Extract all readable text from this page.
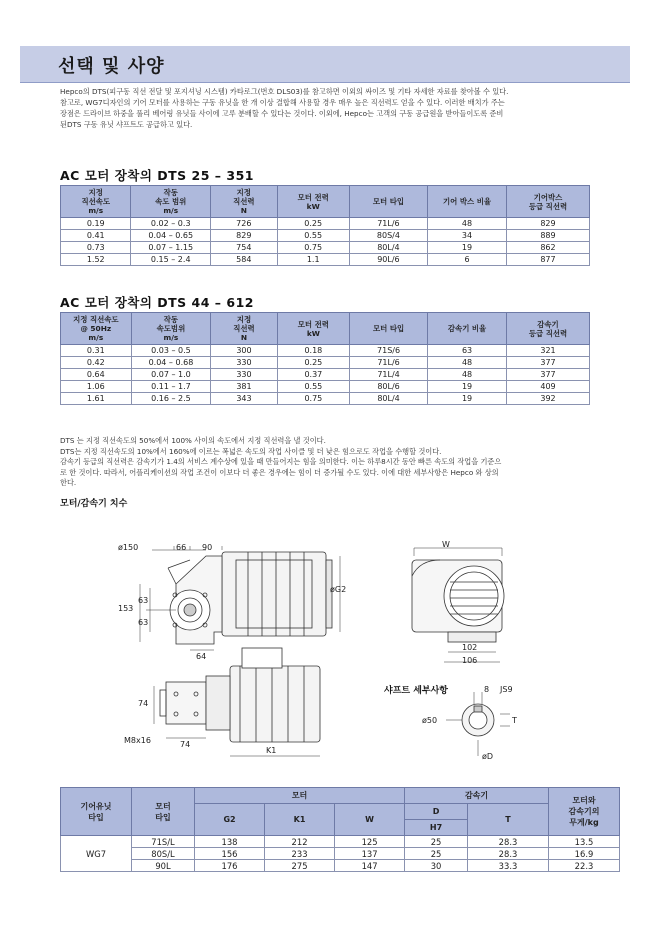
선택 및 사양
Hepco의 DTS(피구동 직선 전달 및 포지셔닝 시스템) 카타로그(번호 DLS03)를 참고하면 이외의 싸이즈 및 기타 자세한 자료를 찾아볼 수 있다.
참고로, WG7디자인의 기어 모터를 사용하는 구동 유닛을 한 개 이상 결합해 사용할 경우 매우 높은 직선력도 얻을 수 있다. 이러한 배치가 주는
장점은 드라이브 하중을 풀리 베어링 유닛들 사이에 고루 분배할 수 있다는 것이다. 이외에, Hepco는 고객의 구동 공급원을 받아들이도록 준비
된DTS 구동 유닛 샤프트도 공급하고 있다.
AC 모터 장착의 DTS 25 – 351
지정
직선속도
m/s	작동
속도 범위
m/s	지정
직선력
N	모터 전력
kW	모터 타입	기어 박스 비율	기어박스
등급 직선력
0.19	0.02 – 0.3	726	0.25	71L/6	48	829
0.41	0.04 – 0.65	829	0.55	80S/4	34	889
0.73	0.07 – 1.15	754	0.75	80L/4	19	862
1.52	0.15 – 2.4	584	1.1	90L/6	6	877
AC 모터 장착의 DTS 44 – 612
지정 직선속도
@ 50Hz
m/s	작동
속도범위
m/s	지정
직선력
N	모터 전력
kW	모터 타입	감속기 비율	감속기
등급 직선력
0.31	0.03 – 0.5	300	0.18	71S/6	63	321
0.42	0.04 – 0.68	330	0.25	71L/6	48	377
0.64	0.07 – 1.0	330	0.37	71L/4	48	377
1.06	0.11 – 1.7	381	0.55	80L/6	19	409
1.61	0.16 – 2.5	343	0.75	80L/4	19	392
DTS 는 지정 직선속도의 50%에서 100% 사이의 속도에서 지정 직선력을 낼 것이다.
DTS는 지정 직선속도의 10%에서 160%에 이르는 폭넓은 속도의 작업 사이클 및 더 낮은 힘으로도 작업을 수행할 것이다.
감속기 등급의 직선력은 감속기가 1.4의 서비스 계수상에 있을 때 만들어지는 힘을 의미한다. 이는 하루8시간 동안 빠른 속도의 작업을 기준으
로 한 것이다. 따라서, 어플리케이션의 작업 조건이 이보다 더 좋은 경우에는 힘이 더 증가될 수도 있다. 이에 대한 세부사항은 Hepco 와 상의
한다.
모터/감속기 치수
ø150	66 90
øG2
153
63
63
64
74
M8x16	74
K1
W
102
106
샤프트 세부사항	8 JS9
ø50	T
øD
기어유닛
타입	모터
타입	모터			감속기		모터와
감속기의
무게/kg
		G2	K1	W	D	T	
					H7		
WG7	71S/L	138	212	125	25	28.3	13.5
	80S/L	156	233	137	25	28.3	16.9
	90L	176	275	147	30	33.3	22.3
